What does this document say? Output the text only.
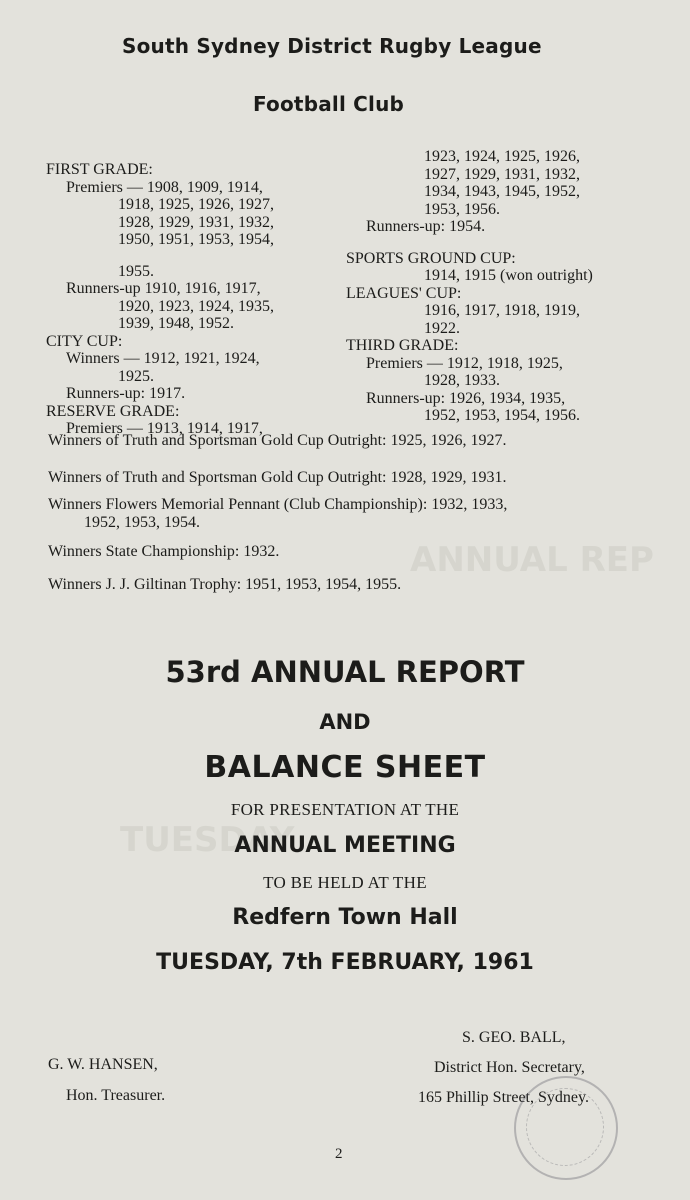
ANNUAL REP
TUESDAY
South Sydney District Rugby League
Football Club
FIRST GRADE:
Premiers — 1908, 1909, 1914,
1918, 1925, 1926, 1927,
1928, 1929, 1931, 1932,
1950, 1951, 1953, 1954,
1955.
Runners-up 1910, 1916, 1917,
1920, 1923, 1924, 1935,
1939, 1948, 1952.
CITY CUP:
Winners — 1912, 1921, 1924,
1925.
Runners-up: 1917.
RESERVE GRADE:
Premiers — 1913, 1914, 1917,
1923, 1924, 1925, 1926,
1927, 1929, 1931, 1932,
1934, 1943, 1945, 1952,
1953, 1956.
Runners-up: 1954.
SPORTS GROUND CUP:
1914, 1915 (won outright)
LEAGUES' CUP:
1916, 1917, 1918, 1919,
1922.
THIRD GRADE:
Premiers — 1912, 1918, 1925,
1928, 1933.
Runners-up: 1926, 1934, 1935,
1952, 1953, 1954, 1956.
Winners of Truth and Sportsman Gold Cup Outright: 1925, 1926, 1927.
Winners of Truth and Sportsman Gold Cup Outright: 1928, 1929, 1931.
Winners Flowers Memorial Pennant (Club Championship): 1932, 1933,
1952, 1953, 1954.
Winners State Championship: 1932.
Winners J. J. Giltinan Trophy: 1951, 1953, 1954, 1955.
53rd ANNUAL REPORT
AND
BALANCE SHEET
FOR PRESENTATION AT THE
ANNUAL MEETING
TO BE HELD AT THE
Redfern Town Hall
TUESDAY, 7th FEBRUARY, 1961
G. W. HANSEN,
Hon. Treasurer.
S. GEO. BALL,
District Hon. Secretary,
165 Phillip Street, Sydney.
2
